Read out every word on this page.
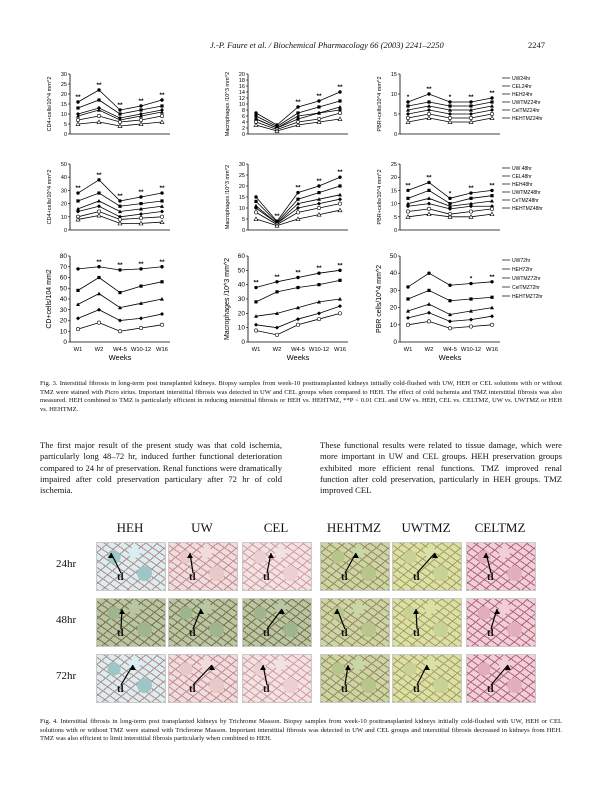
J.-P. Faure et al. / Biochemical Pharmacology 66 (2003) 2241–2250	2247
0
5
10
15
20
25
30
CD4+cells/10^4 mm^2	**
**
**
**
**
0
2
4
6
8
10
12
14
16
18
20
Macrophages /10^3 mm^2	**
**
**
0
5
10
15
PBR+cells/10^4 mm^2	*
**
*	**
**
UW24hr
CEL24hr
HEH24hr
UWTMZ24hr
CelTMZ24hr
HEHTMZ24hr
0
10
20
30
40
50
CD4+cells/10^4 mm^2	**
**
**
**
**
0
5
10
15
20
25
30
Macrophages /10^3 mm^2	**
**
**
**
0
5
10
15
20
25
PBR+cells/10^4 mm^2	**
**
*
** **
UW 48hr
CEL48hr
HEH48hr
UWTMZ48hr
CeTMZ48hr
HEHTMZ48hr
0
10
20
30
40
50
60
70
80
W1 W2 W4-5 W10-12 W16
Weeks
CD+cells/104 mm2
** ** ** **
0
10
20
30
40
50
60
W1 W2 W4-5 W10-12 W16
Weeks
Macrophages /10^3 mm^2	**
**
**
** **
0
10
20
30
40
50
W1 W2 W4-5 W10-12 W16
Weeks
PBR cells/10^4 mm^2	*	**
UW72hr
HEH72hr
UWTMZ72hr
CelTMZ72hr
HEHTMZ72hr

Fig. 3. Interstitial fibrosis in long-term post transplanted kidneys. Biopsy samples from week-10 posttransplanted kidneys initially cold-flushed with UW, HEH or CEL solutions with or without TMZ were stained with Picro sirius. Important interstitial fibrosis was detected in UW and CEL groups when compared to HEH. The effect of cold ischemia and TMZ interstitial fibrosis was also measured. HEH combined to TMZ is particularly efficient in reducing interstitial fibrosis or HEH vs. HEHTMZ, **P < 0.01 CEL and UW vs. HEH, CEL vs. CELTMZ, UW vs. UWTMZ or HEH vs. HEHTMZ.

The first major result of the present study was that cold ischemia, particularly long 48–72 hr, induced further functional deterioration compared to 24 hr of preservation. Renal functions were dramatically impaired after cold preservation particulary after 72 hr of cold ischemia.

These functional results were related to tissue damage, which were more important in UW and CEL groups. HEH preservation groups exhibited more efficient renal functions. TMZ improved renal function after cold preservation, particularly in HEH groups. TMZ improved CEL

HEH	UW	CEL	HEHTMZ	UWTMZ	CELTMZ
24hr
tl	tl	tl	tl	tl	tl
48hr
tl	tl	tl	tl	tl	tl
72hr
tl	tl	tl	tl	tl	tl

Fig. 4. Interstitial fibrosis in long-term post transplanted kidneys by Trichrome Masson. Biopsy samples from week-10 posttransplanted kidneys initially cold-flushed with UW, HEH or CEL solutions with or without TMZ were stained with Trichrome Masson. Important interstitial fibrosis was detected in UW and CEL groups and interstitial fibrosis decreased in kidneys from HEH. TMZ was also efficient to limit interstitial fibrosis particularly when combined to HEH.
